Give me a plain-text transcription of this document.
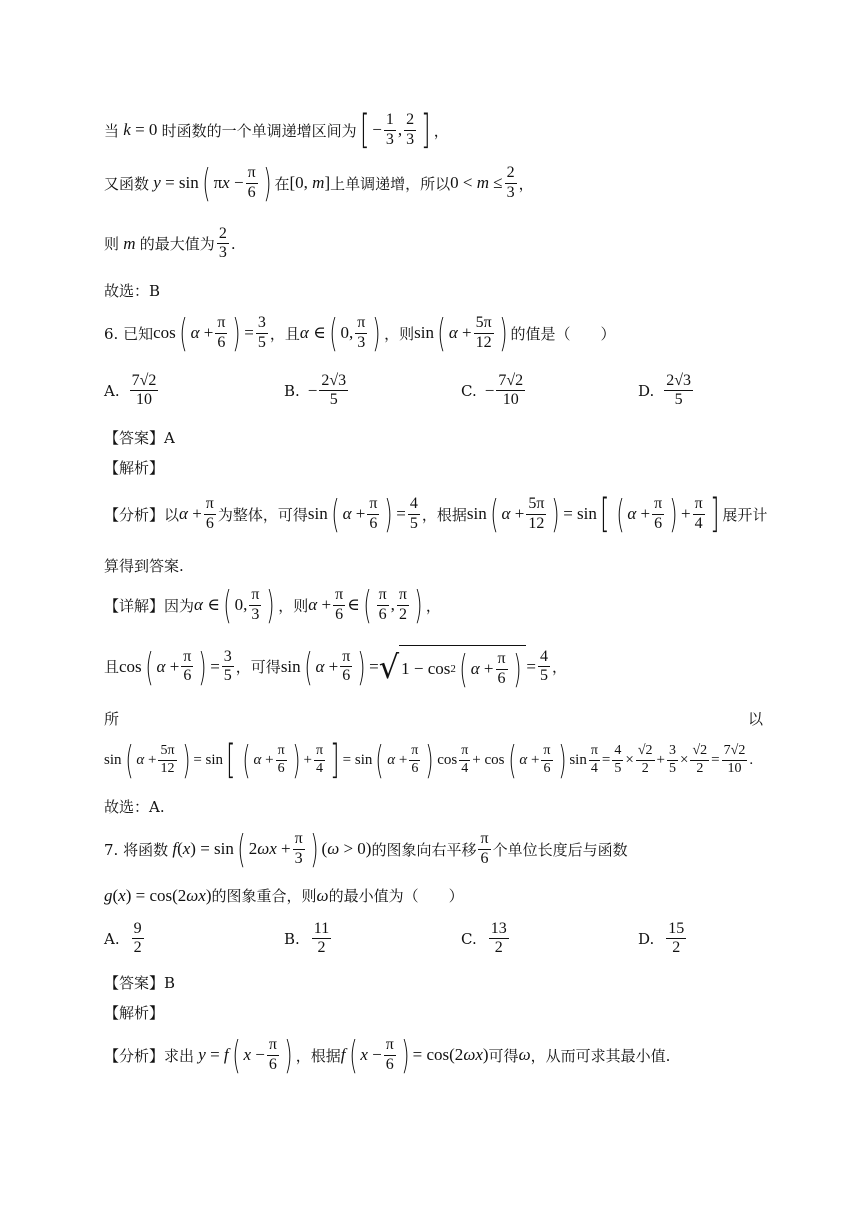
当 k = 0 时函数的一个单调递增区间为 [ −
1
3 ,
2
3 ] ，
又函数
y = sin ( π x −
π
6 ) 在 [0, m] 上单调递增，所以 0 < m ≤
2
3 ，
则 m 的最大值为
2
3 .
故选：B
6. 已知 cos ( α +
π
6 ) =
3
5 ，且 α ∈ ( 0,
π
3 ) ，则 sin ( α +
5π
12 ) 的值是（　　）
A. $\frac{7√2}{10}$	B. − $\frac{2√3}{5}$	C. − $\frac{7√2}{10}$	D. $\frac{2√3}{5}$
【答案】A
【解析】
【分析】以 α +
π
6 为整体，可得 sin ( α +
π
6 ) =
4
5 ，根据 sin ( α +
5π
12 ) = sin [ ( α +
π
6 ) +
π
4 ] 展开计
算得到答案.
【详解】因为 α ∈ ( 0,
π
3 ) ，则 α +
π
6 ∈ ( π
6 ,
π
2 ) ，
且 cos ( α +
π
6 ) =
3
5 ，可得 sin ( α +
π
6 ) = √ 1 − cos 2 ( α +
π
6 ) =
4
5 ，
所	以
sin ( α +
5π
12 ) = sin [ ( α +
π
6 ) +
π
4 ] = sin ( α +
π
6 ) cos
π
4
+ cos ( α +
π
6 ) sin
π
4
=
4
5
×
√2
2
+
3
5
×
√2
2
=
7√2
10
.
故选：A.
7. 将函数
f ( x ) = sin ( 2 ωx +
π
3 ) ( ω > 0) 的图象向右平移
π
6 个单位长度后与函数
g(x) = cos(2ωx) 的图象重合，则 ω 的最小值为（　　）
A. $\frac{9}{2}$	B. $\frac{11}{2}$	C. $\frac{13}{2}$	D. $\frac{15}{2}$
【答案】B
【解析】
【分析】求出
y = f ( x −
π
6 ) ，根据 f ( x −
π
6 ) = cos(2 ωx ) 可得 ω ，从而可求其最小值.
